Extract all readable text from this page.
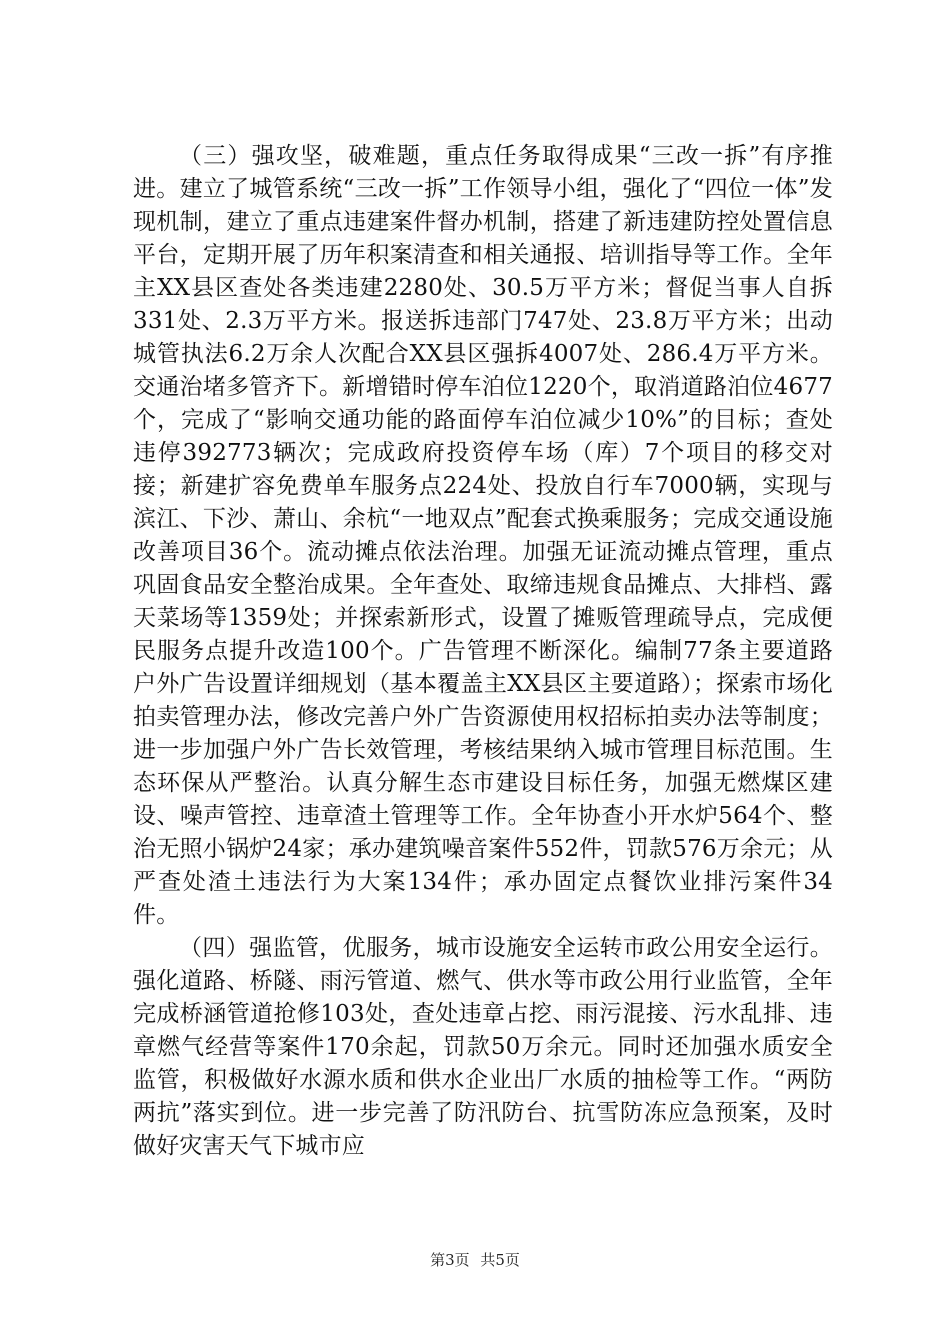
（三）强攻坚，破难题，重点任务取得成果“三改一拆”有序推进。建立了城管系统“三改一拆”工作领导小组，强化了“四位一体”发现机制，建立了重点违建案件督办机制，搭建了新违建防控处置信息平台，定期开展了历年积案清查和相关通报、培训指导等工作。全年主XX县区查处各类违建2280处、30.5万平方米；督促当事人自拆331处、2.3万平方米。报送拆违部门747处、23.8万平方米；出动城管执法6.2万余人次配合XX县区强拆4007处、286.4万平方米。交通治堵多管齐下。新增错时停车泊位1220个，取消道路泊位4677个，完成了“影响交通功能的路面停车泊位减少10%”的目标；查处违停392773辆次；完成政府投资停车场（库）7个项目的移交对接；新建扩容免费单车服务点224处、投放自行车7000辆，实现与滨江、下沙、萧山、余杭“一地双点”配套式换乘服务；完成交通设施改善项目36个。流动摊点依法治理。加强无证流动摊点管理，重点巩固食品安全整治成果。全年查处、取缔违规食品摊点、大排档、露天菜场等1359处；并探索新形式，设置了摊贩管理疏导点，完成便民服务点提升改造100个。广告管理不断深化。编制77条主要道路户外广告设置详细规划（基本覆盖主XX县区主要道路）；探索市场化拍卖管理办法，修改完善户外广告资源使用权招标拍卖办法等制度；进一步加强户外广告长效管理，考核结果纳入城市管理目标范围。生态环保从严整治。认真分解生态市建设目标任务，加强无燃煤区建设、噪声管控、违章渣土管理等工作。全年协查小开水炉564个、整治无照小锅炉24家；承办建筑噪音案件552件，罚款576万余元；从严查处渣土违法行为大案134件；承办固定点餐饮业排污案件34件。

（四）强监管，优服务，城市设施安全运转市政公用安全运行。强化道路、桥隧、雨污管道、燃气、供水等市政公用行业监管，全年完成桥涵管道抢修103处，查处违章占挖、雨污混接、污水乱排、违章燃气经营等案件170余起，罚款50万余元。同时还加强水质安全监管，积极做好水源水质和供水企业出厂水质的抽检等工作。“两防两抗”落实到位。进一步完善了防汛防台、抗雪防冻应急预案，及时做好灾害天气下城市应

第3页 共5页
